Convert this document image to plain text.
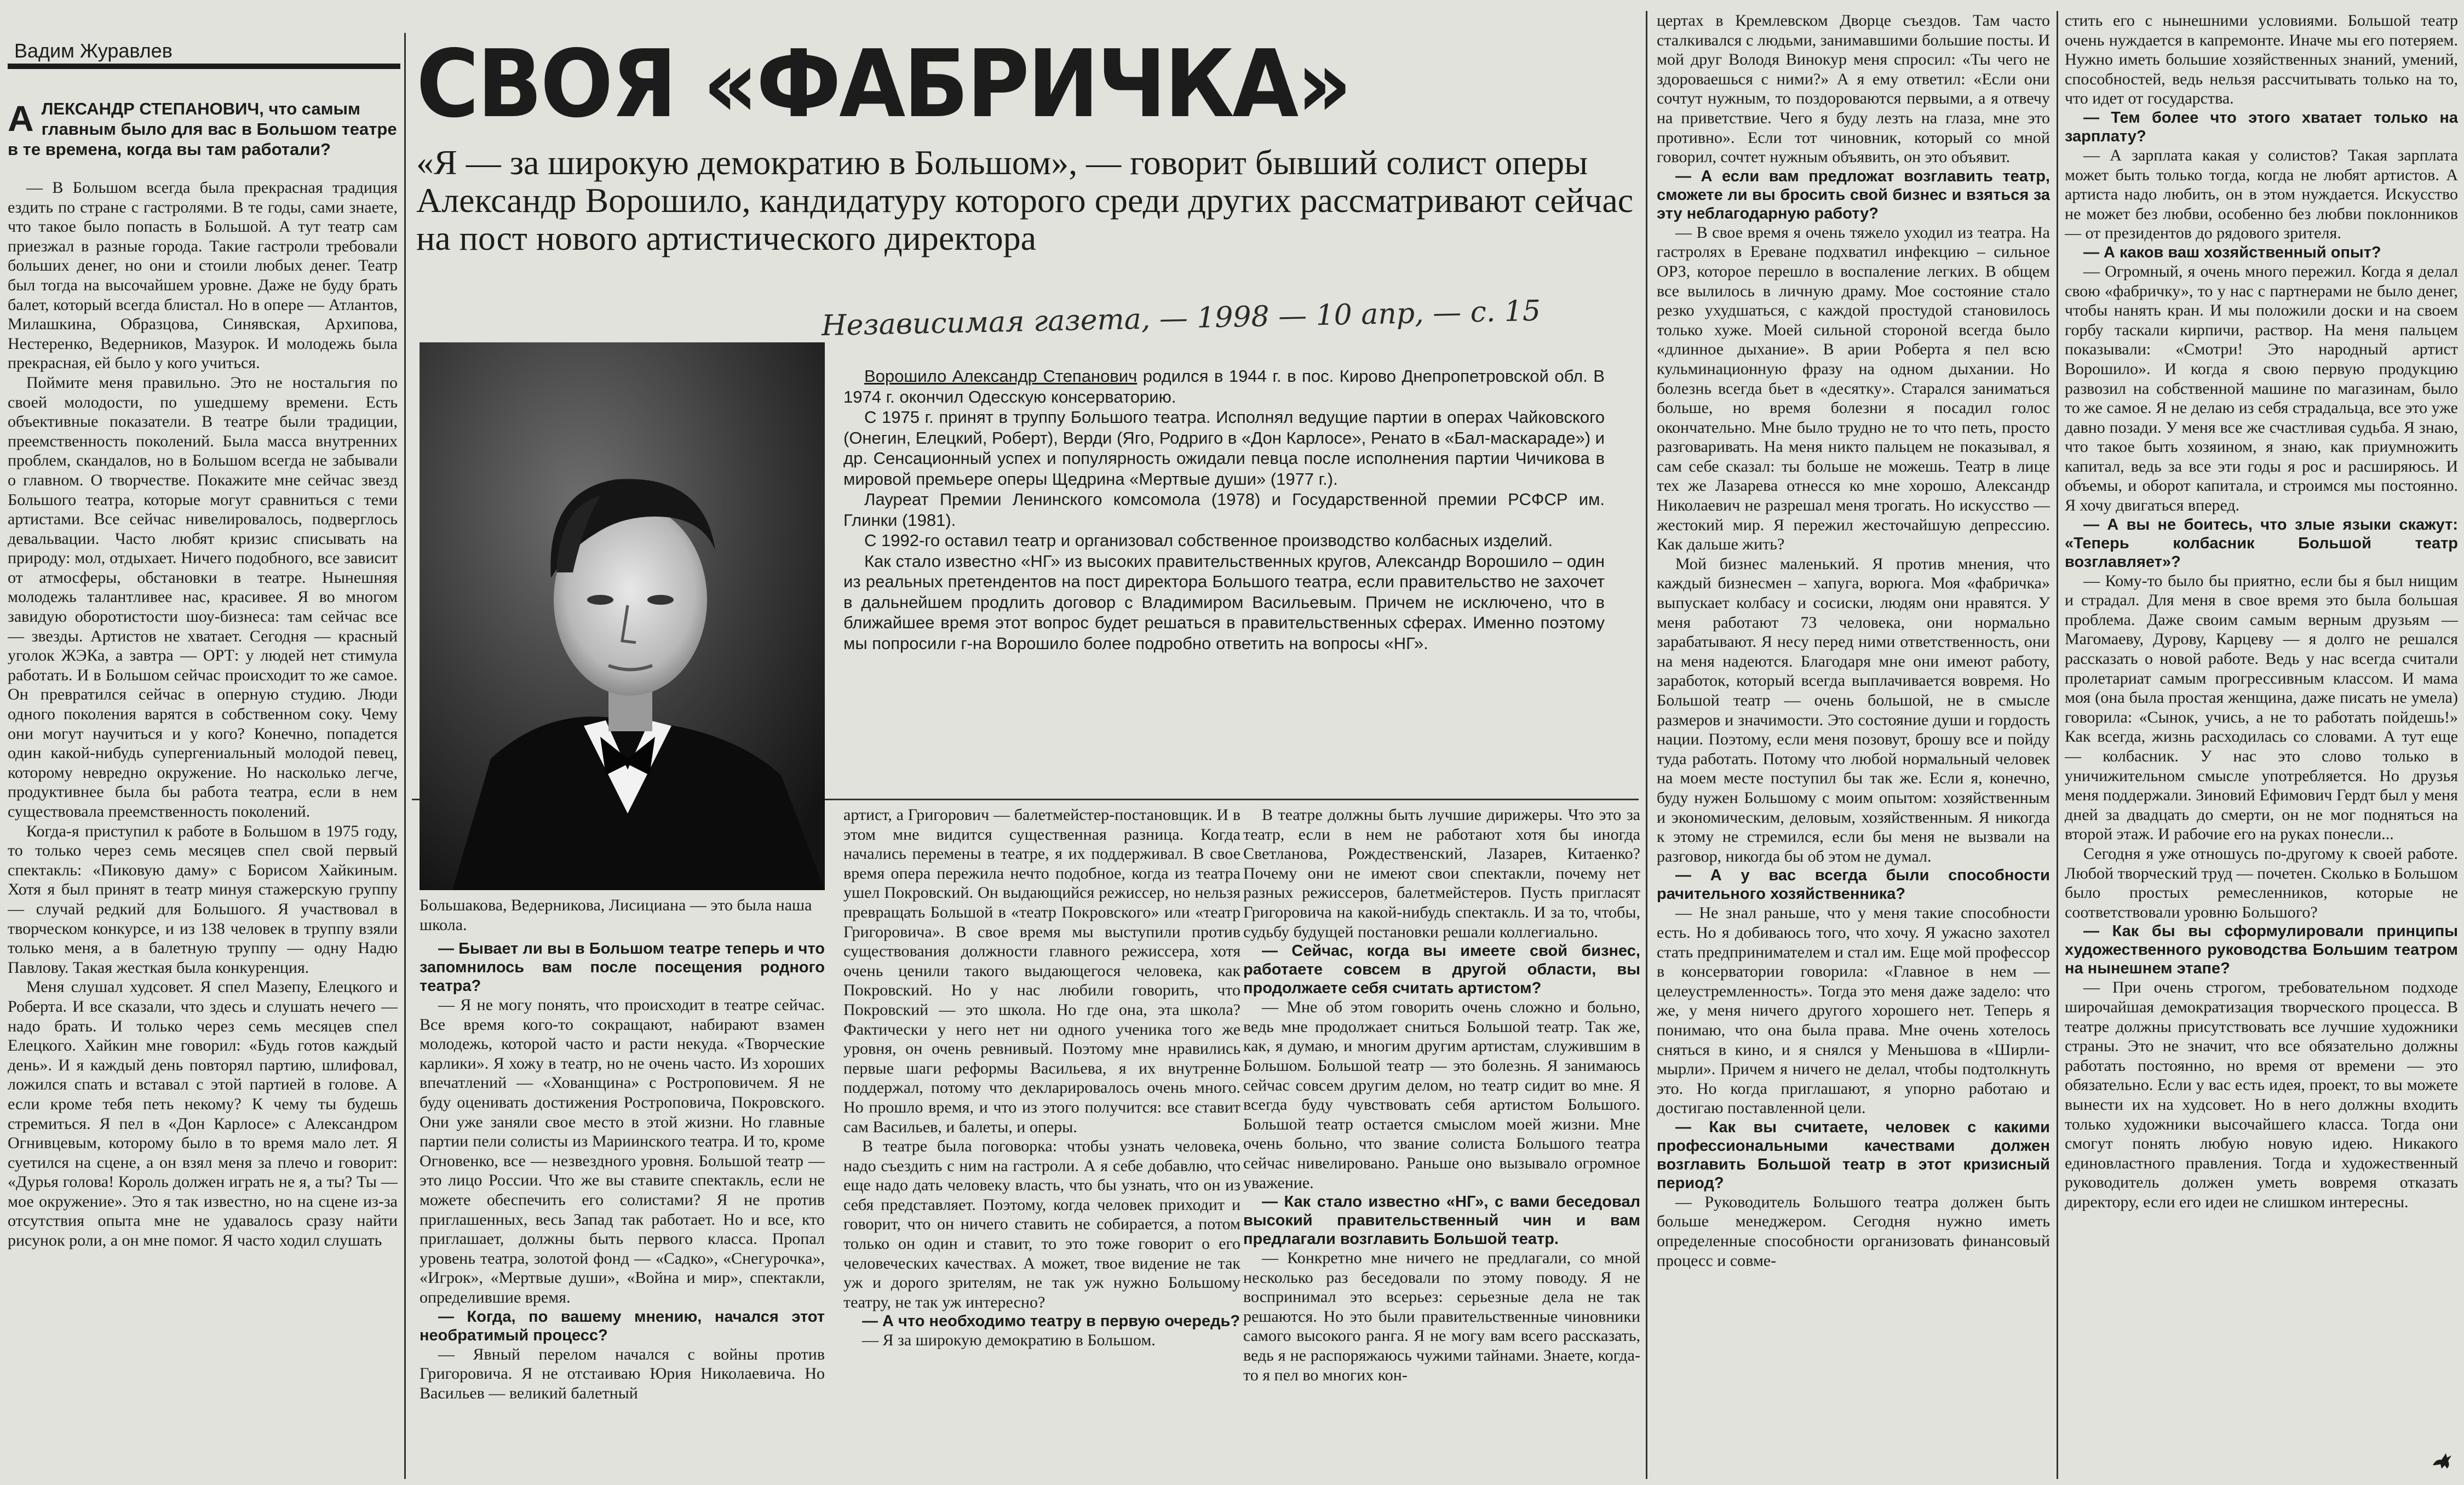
Вадим Журавлев
А ЛЕКСАНДР СТЕПАНОВИЧ, что самым главным было для вас в Большом театре в те времена, когда вы там работали?

— В Большом всегда была прекрасная традиция ездить по стране с гастролями. В те годы, сами знаете, что такое было попасть в Большой. А тут театр сам приезжал в разные города. Такие гастроли требовали больших денег, но они и стоили любых денег. Театр был тогда на высочайшем уровне. Даже не буду брать балет, который всегда блистал. Но в опере — Атлантов, Милашкина, Образцова, Синявская, Архипова, Нестеренко, Ведерников, Мазурок. И молодежь была прекрасная, ей было у кого учиться.

Поймите меня правильно. Это не ностальгия по своей молодости, по ушедшему времени. Есть объективные показатели. В театре были традиции, преемственность поколений. Была масса внутренних проблем, скандалов, но в Большом всегда не забывали о главном. О творчестве. Покажите мне сейчас звезд Большого театра, которые могут сравниться с теми артистами. Все сейчас нивелировалось, подверглось девальвации. Часто любят кризис списывать на природу: мол, отдыхает. Ничего подобного, все зависит от атмосферы, обстановки в театре. Нынешняя молодежь талантливее нас, красивее. Я во многом завидую оборотистости шоу-бизнеса: там сейчас все — звезды. Артистов не хватает. Сегодня — красный уголок ЖЭКа, а завтра — ОРТ: у людей нет стимула работать. И в Большом сейчас происходит то же самое. Он превратился сейчас в оперную студию. Люди одного поколения варятся в собственном соку. Чему они могут научиться и у кого? Конечно, попадется один какой-нибудь супергениальный молодой певец, которому невредно окружение. Но насколько легче, продуктивнее была бы работа театра, если в нем существовала преемственность поколений.

Когда-я приступил к работе в Большом в 1975 году, то только через семь месяцев спел свой первый спектакль: «Пиковую даму» с Борисом Хайкиным. Хотя я был принят в театр минуя стажерскую группу — случай редкий для Большого. Я участвовал в творческом конкурсе, и из 138 человек в труппу взяли только меня, а в балетную труппу — одну Надю Павлову. Такая жесткая была конкуренция.

Меня слушал худсовет. Я спел Мазепу, Елецкого и Роберта. И все сказали, что здесь и слушать нечего — надо брать. И только через семь месяцев спел Елецкого. Хайкин мне говорил: «Будь готов каждый день». И я каждый день повторял партию, шлифовал, ложился спать и вставал с этой партией в голове. А если кроме тебя петь некому? К чему ты будешь стремиться. Я пел в «Дон Карлосе» с Александром Огнивцевым, которому было в то время мало лет. Я суетился на сцене, а он взял меня за плечо и говорит: «Дурья голова! Король должен играть не я, а ты? Ты — мое окружение». Это я так известно, но на сцене из-за отсутствия опыта мне не удавалось сразу найти рисунок роли, а он мне помог. Я часто ходил слушать

СВОЯ «ФАБРИЧКА»
«Я — за широкую демократию в Большом», — говорит бывший солист оперы Александр Ворошило, кандидатуру которого среди других рассматривают сейчас на пост нового артистического директора
Независимая газета, — 1998 — 10 апр, — с. 15
Большакова, Ведерникова, Лисициана — это была наша школа.

— Бывает ли вы в Большом театре теперь и что запомнилось вам после посещения родного театра?

— Я не могу понять, что происходит в театре сейчас. Все время кого-то сокращают, набирают взамен молодежь, которой часто и расти некуда. «Творческие карлики». Я хожу в театр, но не очень часто. Из хороших впечатлений — «Хованщина» с Ростроповичем. Я не буду оценивать достижения Ростроповича, Покровского. Они уже заняли свое место в этой жизни. Но главные партии пели солисты из Мариинского театра. И то, кроме Огновенко, все — незвездного уровня. Большой театр — это лицо России. Что же вы ставите спектакль, если не можете обеспечить его солистами? Я не против приглашенных, весь Запад так работает. Но и все, кто приглашает, должны быть первого класса. Пропал уровень театра, золотой фонд — «Садко», «Снегурочка», «Игрок», «Мертвые души», «Война и мир», спектакли, определившие время.

— Когда, по вашему мнению, начался этот необратимый процесс?

— Явный перелом начался с войны против Григоровича. Я не отстаиваю Юрия Николаевича. Но Васильев — великий балетный

Ворошило Александр Степанович родился в 1944 г. в пос. Кирово Днепропетровской обл. В 1974 г. окончил Одесскую консерваторию.

С 1975 г. принят в труппу Большого театра. Исполнял ведущие партии в операх Чайковского (Онегин, Елецкий, Роберт), Верди (Яго, Родриго в «Дон Карлосе», Ренато в «Бал-маскараде») и др. Сенсационный успех и популярность ожидали певца после исполнения партии Чичикова в мировой премьере оперы Щедрина «Мертвые души» (1977 г.).

Лауреат Премии Ленинского комсомола (1978) и Государственной премии РСФСР им. Глинки (1981).

С 1992-го оставил театр и организовал собственное производство колбасных изделий.

Как стало известно «НГ» из высоких правительственных кругов, Александр Ворошило – один из реальных претендентов на пост директора Большого театра, если правительство не захочет в дальнейшем продлить договор с Владимиром Васильевым. Причем не исключено, что в ближайшее время этот вопрос будет решаться в правительственных сферах. Именно поэтому мы попросили г-на Ворошило более подробно ответить на вопросы «НГ».

артист, а Григорович — балетмейстер-постановщик. И в этом мне видится существенная разница. Когда начались перемены в театре, я их поддерживал. В свое время опера пережила нечто подобное, когда из театра ушел Покровский. Он выдающийся режиссер, но нельзя превращать Большой в «театр Покровского» или «театр Григоровича». В свое время мы выступили против существования должности главного режиссера, хотя очень ценили такого выдающегося человека, как Покровский. Но у нас любили говорить, что Покровский — это школа. Но где она, эта школа? Фактически у него нет ни одного ученика того же уровня, он очень ревнивый. Поэтому мне нравились первые шаги реформы Васильева, я их внутренне поддержал, потому что декларировалось очень много. Но прошло время, и что из этого получится: все ставит сам Васильев, и балеты, и оперы.

В театре была поговорка: чтобы узнать человека, надо съездить с ним на гастроли. А я себе добавлю, что еще надо дать человеку власть, что бы узнать, что он из себя представляет. Поэтому, когда человек приходит и говорит, что он ничего ставить не собирается, а потом только он один и ставит, то это тоже говорит о его человеческих качествах. А может, твое видение не так уж и дорого зрителям, не так уж нужно Большому театру, не так уж интересно?

— А что необходимо театру в первую очередь?

— Я за широкую демократию в Большом.

В театре должны быть лучшие дирижеры. Что это за театр, если в нем не работают хотя бы иногда Светланова, Рождественский, Лазарев, Китаенко? Почему они не имеют свои спектакли, почему нет разных режиссеров, балетмейстеров. Пусть пригласят Григоровича на какой-нибудь спектакль. И за то, чтобы, судьбу будущей постановки решали коллегиально.

— Сейчас, когда вы имеете свой бизнес, работаете совсем в другой области, вы продолжаете себя считать артистом?

— Мне об этом говорить очень сложно и больно, ведь мне продолжает сниться Большой театр. Так же, как, я думаю, и многим другим артистам, служившим в Большом. Большой театр — это болезнь. Я занимаюсь сейчас совсем другим делом, но театр сидит во мне. Я всегда буду чувствовать себя артистом Большого. Большой театр остается смыслом моей жизни. Мне очень больно, что звание солиста Большого театра сейчас нивелировано. Раньше оно вызывало огромное уважение.

— Как стало известно «НГ», с вами беседовал высокий правительственный чин и вам предлагали возглавить Большой театр.

— Конкретно мне ничего не предлагали, со мной несколько раз беседовали по этому поводу. Я не воспринимал это всерьез: серьезные дела не так решаются. Но это были правительственные чиновники самого высокого ранга. Я не могу вам всего рассказать, ведь я не распоряжаюсь чужими тайнами. Знаете, когда-то я пел во многих кон-

цертах в Кремлевском Дворце съездов. Там часто сталкивался с людьми, занимавшими большие посты. И мой друг Володя Винокур меня спросил: «Ты чего не здороваешься с ними?» А я ему ответил: «Если они сочтут нужным, то поздороваются первыми, а я отвечу на приветствие. Чего я буду лезть на глаза, мне это противно». Если тот чиновник, который со мной говорил, сочтет нужным объявить, он это объявит.

— А если вам предложат возглавить театр, сможете ли вы бросить свой бизнес и взяться за эту неблагодарную работу?

— В свое время я очень тяжело уходил из театра. На гастролях в Ереване подхватил инфекцию – сильное ОРЗ, которое перешло в воспаление легких. В общем все вылилось в личную драму. Мое состояние стало резко ухудшаться, с каждой простудой становилось только хуже. Моей сильной стороной всегда было «длинное дыхание». В арии Роберта я пел всю кульминационную фразу на одном дыхании. Но болезнь всегда бьет в «десятку». Старался заниматься больше, но время болезни я посадил голос окончательно. Мне было трудно не то что петь, просто разговаривать. На меня никто пальцем не показывал, я сам себе сказал: ты больше не можешь. Театр в лице тех же Лазарева отнесся ко мне хорошо, Александр Николаевич не разрешал меня трогать. Но искусство — жестокий мир. Я пережил жесточайшую депрессию. Как дальше жить?

Мой бизнес маленький. Я против мнения, что каждый бизнесмен – хапуга, ворюга. Моя «фабричка» выпускает колбасу и сосиски, людям они нравятся. У меня работают 73 человека, они нормально зарабатывают. Я несу перед ними ответственность, они на меня надеются. Благодаря мне они имеют работу, заработок, который всегда выплачивается вовремя. Но Большой театр — очень большой, не в смысле размеров и значимости. Это состояние души и гордость нации. Поэтому, если меня позовут, брошу все и пойду туда работать. Потому что любой нормальный человек на моем месте поступил бы так же. Если я, конечно, буду нужен Большому с моим опытом: хозяйственным и экономическим, деловым, хозяйственным. Я никогда к этому не стремился, если бы меня не вызвали на разговор, никогда бы об этом не думал.

— А у вас всегда были способности рачительного хозяйственника?

— Не знал раньше, что у меня такие способности есть. Но я добиваюсь того, что хочу. Я ужасно захотел стать предпринимателем и стал им. Еще мой профессор в консерватории говорила: «Главное в нем — целеустремленность». Тогда это меня даже задело: что же, у меня ничего другого хорошего нет. Теперь я понимаю, что она была права. Мне очень хотелось сняться в кино, и я снялся у Меньшова в «Ширли-мырли». Причем я ничего не делал, чтобы подтолкнуть это. Но когда приглашают, я упорно работаю и достигаю поставленной цели.

— Как вы считаете, человек с какими профессиональными качествами должен возглавить Большой театр в этот кризисный период?

— Руководитель Большого театра должен быть больше менеджером. Сегодня нужно иметь определенные способности организовать финансовый процесс и совме-

стить его с нынешними условиями. Большой театр очень нуждается в капремонте. Иначе мы его потеряем. Нужно иметь большие хозяйственных знаний, умений, способностей, ведь нельзя рассчитывать только на то, что идет от государства.

— Тем более что этого хватает только на зарплату?

— А зарплата какая у солистов? Такая зарплата может быть только тогда, когда не любят артистов. А артиста надо любить, он в этом нуждается. Искусство не может без любви, особенно без любви поклонников — от президентов до рядового зрителя.

— А каков ваш хозяйственный опыт?

— Огромный, я очень много пережил. Когда я делал свою «фабричку», то у нас с партнерами не было денег, чтобы нанять кран. И мы положили доски и на своем горбу таскали кирпичи, раствор. На меня пальцем показывали: «Смотри! Это народный артист Ворошило». И когда я свою первую продукцию развозил на собственной машине по магазинам, было то же самое. Я не делаю из себя страдальца, все это уже давно позади. У меня все же счастливая судьба. Я знаю, что такое быть хозяином, я знаю, как приумножить капитал, ведь за все эти годы я рос и расширяюсь. И объемы, и оборот капитала, и строимся мы постоянно. Я хочу двигаться вперед.

— А вы не боитесь, что злые языки скажут: «Теперь колбасник Большой театр возглавляет»?

— Кому-то было бы приятно, если бы я был нищим и страдал. Для меня в свое время это была большая проблема. Даже своим самым верным друзьям — Магомаеву, Дурову, Карцеву — я долго не решался рассказать о новой работе. Ведь у нас всегда считали пролетариат самым прогрессивным классом. И мама моя (она была простая женщина, даже писать не умела) говорила: «Сынок, учись, а не то работать пойдешь!» Как всегда, жизнь расходилась со словами. А тут еще — колбасник. У нас это слово только в уничижительном смысле употребляется. Но друзья меня поддержали. Зиновий Ефимович Гердт был у меня дней за двадцать до смерти, он не мог подняться на второй этаж. И рабочие его на руках понесли...

Сегодня я уже отношусь по-другому к своей работе. Любой творческий труд — почетен. Сколько в Большом было простых ремесленников, которые не соответствовали уровню Большого?

— Как бы вы сформулировали принципы художественного руководства Большим театром на нынешнем этапе?

— При очень строгом, требовательном подходе широчайшая демократизация творческого процесса. В театре должны присутствовать все лучшие художники страны. Это не значит, что все обязательно должны работать постоянно, но время от времени — это обязательно. Если у вас есть идея, проект, то вы можете вынести их на худсовет. Но в него должны входить только художники высочайшего класса. Тогда они смогут понять любую новую идею. Никакого единовластного правления. Тогда и художественный руководитель должен уметь вовремя отказать директору, если его идеи не слишком интересны.
